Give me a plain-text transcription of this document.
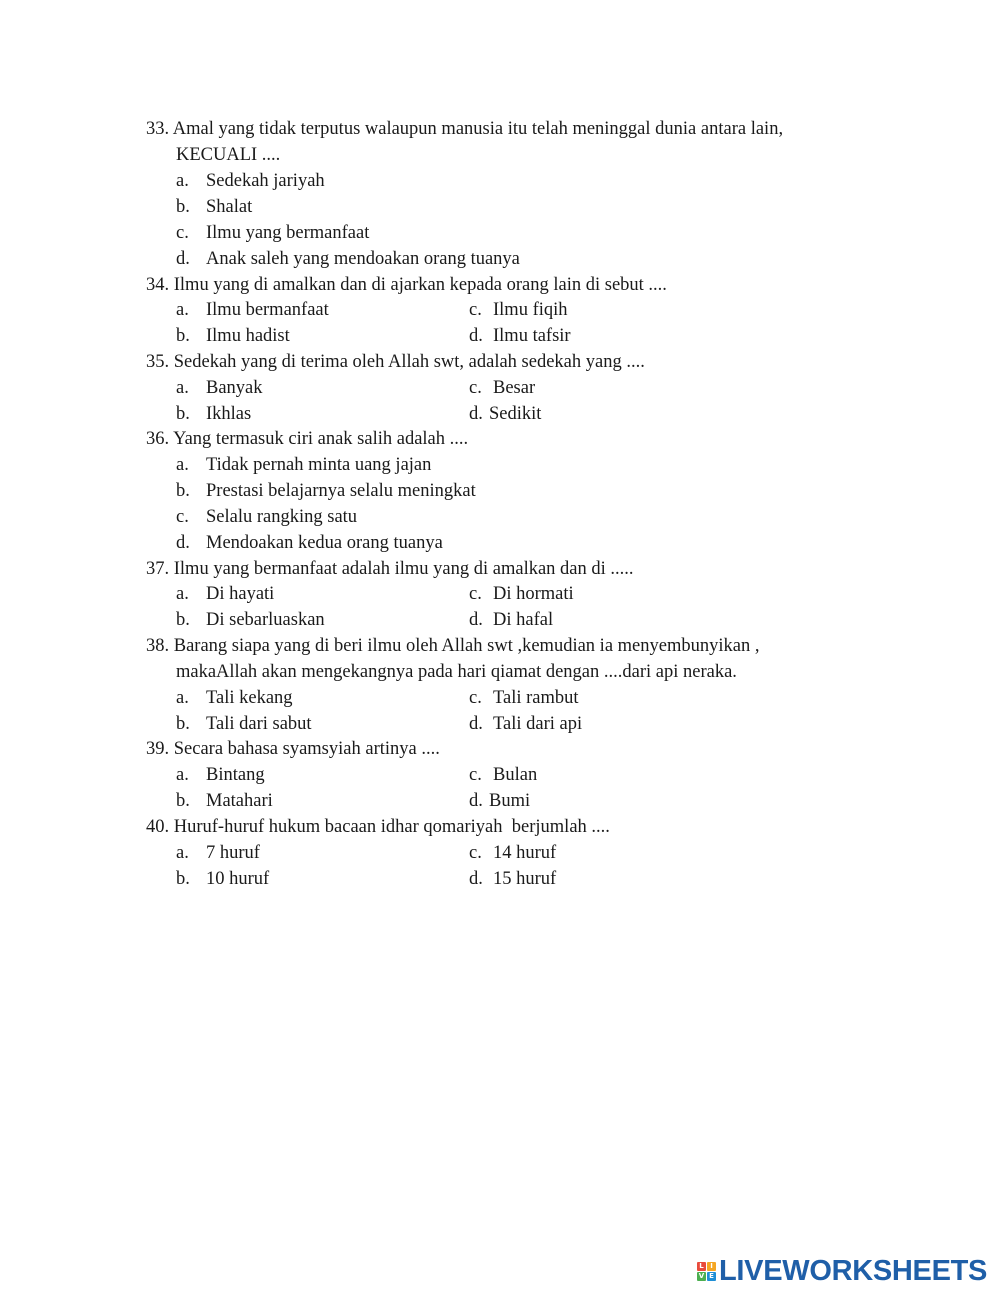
33. Amal yang tidak terputus walaupun manusia itu telah meninggal dunia antara lain,

KECUALI ....

a. Sedekah jariyah

b. Shalat

c. Ilmu yang bermanfaat

d. Anak saleh yang mendoakan orang tuanya

34. Ilmu yang di amalkan dan di ajarkan kepada orang lain di sebut ....

a. Ilmu bermanfaat	c. Ilmu fiqih

b. Ilmu hadist	d. Ilmu tafsir

35. Sedekah yang di terima oleh Allah swt, adalah sedekah yang ....

a. Banyak	c. Besar

b. Ikhlas	d. Sedikit

36. Yang termasuk ciri anak salih adalah ....

a. Tidak pernah minta uang jajan

b. Prestasi belajarnya selalu meningkat

c. Selalu rangking satu

d. Mendoakan kedua orang tuanya

37. Ilmu yang bermanfaat adalah ilmu yang di amalkan dan di .....

a. Di hayati	c. Di hormati

b. Di sebarluaskan	d. Di hafal

38. Barang siapa yang di beri ilmu oleh Allah swt ,kemudian ia menyembunyikan ,

makaAllah akan mengekangnya pada hari qiamat dengan ....dari api neraka.

a. Tali kekang	c. Tali rambut

b. Tali dari sabut	d. Tali dari api

39. Secara bahasa syamsyiah artinya ....

a. Bintang	c. Bulan

b. Matahari	d. Bumi

40. Huruf-huruf hukum bacaan idhar qomariyah  berjumlah ....

a. 7 huruf	c. 14 huruf

b. 10 huruf	d. 15 huruf

L I
V E LIVEWORKSHEETS
